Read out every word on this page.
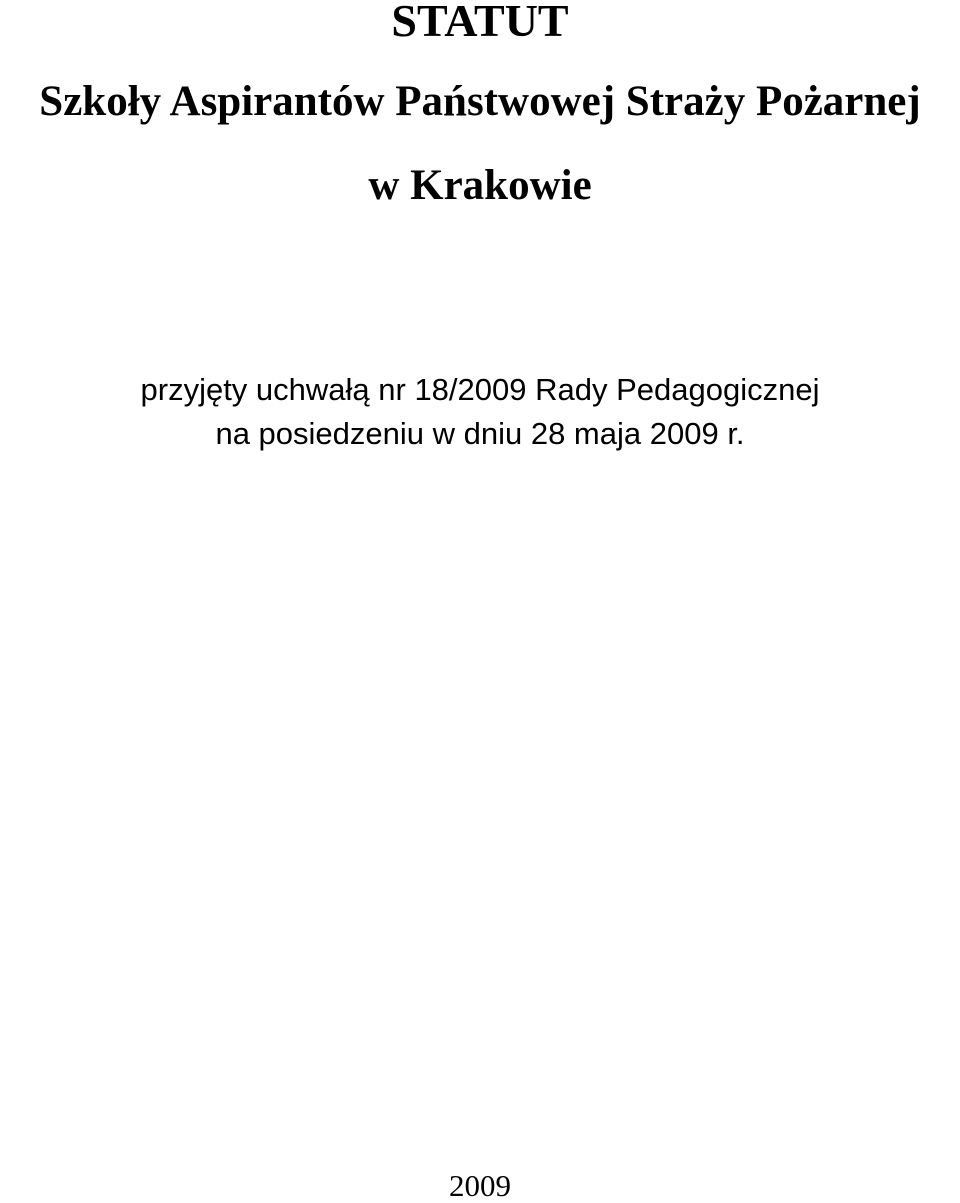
STATUT
Szkoły Aspirantów Państwowej Straży Pożarnej
w Krakowie
przyjęty uchwałą nr 18/2009 Rady Pedagogicznej
na posiedzeniu w dniu 28 maja 2009 r.
2009
